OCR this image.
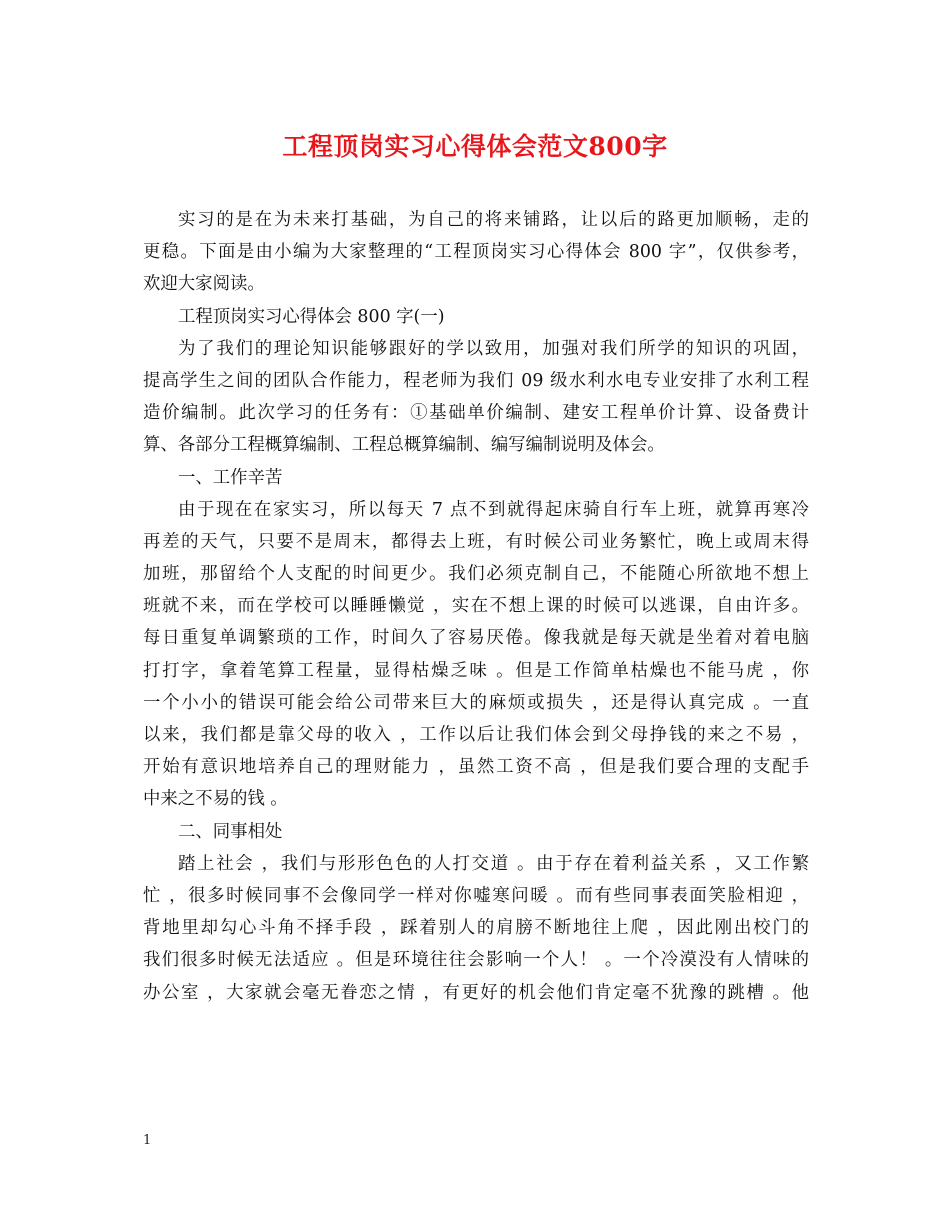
工程顶岗实习心得体会范文800字
实习的是在为未来打基础，为自己的将来铺路，让以后的路更加顺畅，走的
更稳。下面是由小编为大家整理的“工程顶岗实习心得体会 800 字”，仅供参考，
欢迎大家阅读。
工程顶岗实习心得体会 800 字(一)
为了我们的理论知识能够跟好的学以致用，加强对我们所学的知识的巩固，
提高学生之间的团队合作能力，程老师为我们 09 级水利水电专业安排了水利工程
造价编制。此次学习的任务有：①基础单价编制、建安工程单价计算、设备费计
算、各部分工程概算编制、工程总概算编制、编写编制说明及体会。
一、工作辛苦
由于现在在家实习，所以每天 7 点不到就得起床骑自行车上班，就算再寒冷
再差的天气，只要不是周末，都得去上班，有时候公司业务繁忙，晚上或周末得
加班，那留给个人支配的时间更少。我们必须克制自己，不能随心所欲地不想上
班就不来，而在学校可以睡睡懒觉 ，实在不想上课的时候可以逃课，自由许多。
每日重复单调繁琐的工作，时间久了容易厌倦。像我就是每天就是坐着对着电脑
打打字，拿着笔算工程量，显得枯燥乏味 。但是工作简单枯燥也不能马虎 ，你
一个小小的错误可能会给公司带来巨大的麻烦或损失 ，还是得认真完成 。一直
以来，我们都是靠父母的收入 ，工作以后让我们体会到父母挣钱的来之不易 ，
开始有意识地培养自己的理财能力 ，虽然工资不高 ，但是我们要合理的支配手
中来之不易的钱 。
二、同事相处
踏上社会 ，我们与形形色色的人打交道 。由于存在着利益关系 ，又工作繁
忙 ，很多时候同事不会像同学一样对你嘘寒问暖 。而有些同事表面笑脸相迎 ，
背地里却勾心斗角不择手段 ，踩着别人的肩膀不断地往上爬 ，因此刚出校门的
我们很多时候无法适应 。但是环境往往会影响一个人！ 。一个冷漠没有人情味的
办公室 ，大家就会毫无眷恋之情 ，有更好的机会他们肯定毫不犹豫的跳槽 。他
1
